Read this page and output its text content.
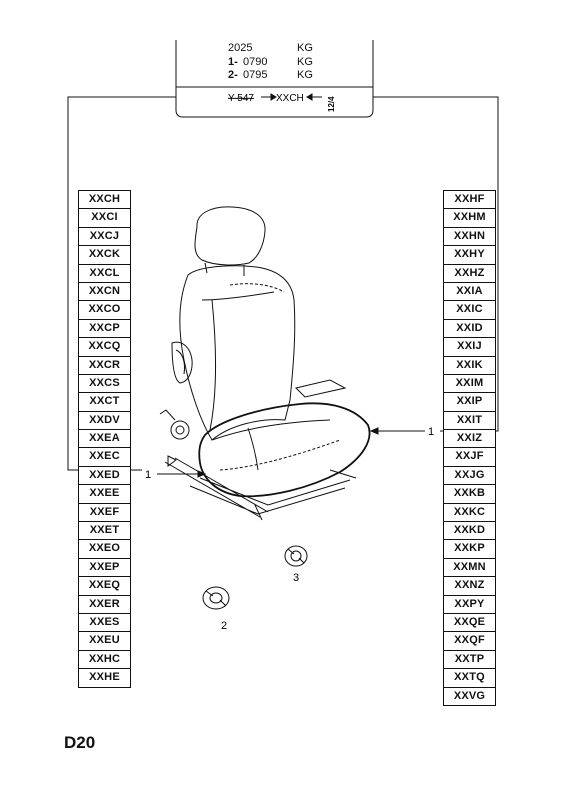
1
1
3
2
Y 547 XXCH	12/4
2025	KG
1- 0790	KG
2- 0795	KG
XXCH
XXCI
XXCJ
XXCK
XXCL
XXCN
XXCO
XXCP
XXCQ
XXCR
XXCS
XXCT
XXDV
XXEA
XXEC
XXED
XXEE
XXEF
XXET
XXEO
XXEP
XXEQ
XXER
XXES
XXEU
XXHC
XXHE
XXHF
XXHM
XXHN
XXHY
XXHZ
XXIA
XXIC
XXID
XXIJ
XXIK
XXIM
XXIP
XXIT
XXIZ
XXJF
XXJG
XXKB
XXKC
XXKD
XXKP
XXMN
XXNZ
XXPY
XXQE
XXQF
XXTP
XXTQ
XXVG
D20
